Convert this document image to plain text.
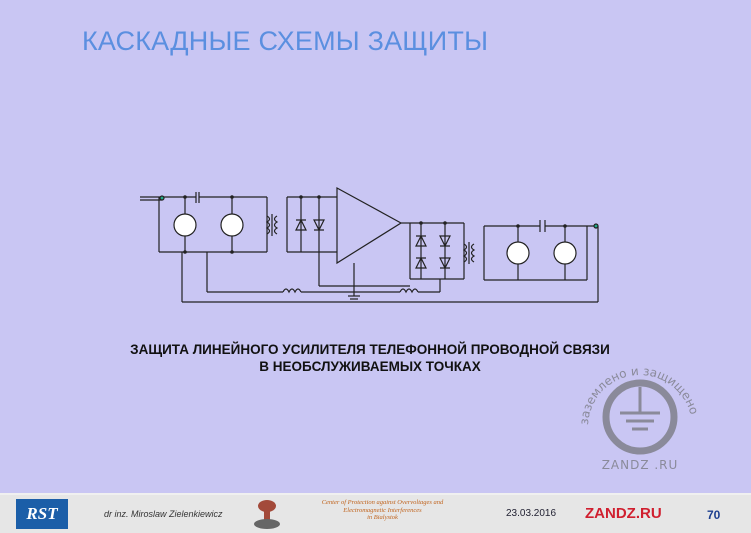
КАСКАДНЫЕ СХЕМЫ ЗАЩИТЫ
ЗАЩИТА ЛИНЕЙНОГО УСИЛИТЕЛЯ ТЕЛЕФОННОЙ ПРОВОДНОЙ СВЯЗИ
В НЕОБСЛУЖИВАЕМЫХ ТОЧКАХ
заземлено и защищено
ZANDZ .RU
RST	dr inz. Miroslaw Zielenkiewicz
Center of Protection against Overvoltages and
Electromagnetic Interferences
in Bialystok	23.03.2016 ZANDZ.RU	70
